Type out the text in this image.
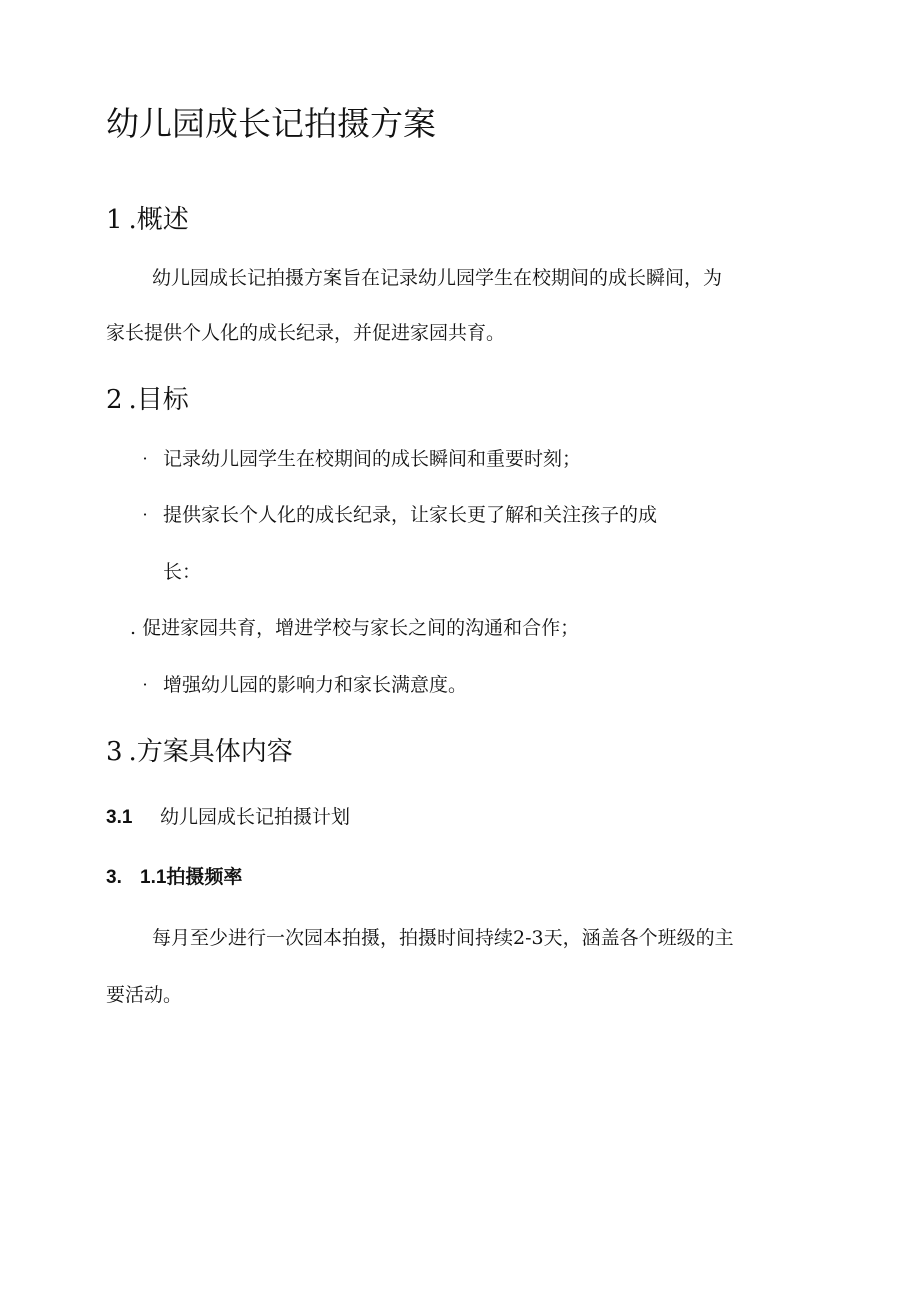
幼儿园成长记拍摄方案
1 .概述
幼儿园成长记拍摄方案旨在记录幼儿园学生在校期间的成长瞬间，为
家长提供个人化的成长纪录，并促进家园共育。
2 .目标
· 记录幼儿园学生在校期间的成长瞬间和重要时刻；
· 提供家长个人化的成长纪录，让家长更了解和关注孩子的成
长：
. 促进家园共育，增进学校与家长之间的沟通和合作；
· 增强幼儿园的影响力和家长满意度。
3 .方案具体内容
3.1 幼儿园成长记拍摄计划
3. 1.1拍摄频率
每月至少进行一次园本拍摄，拍摄时间持续2-3天，涵盖各个班级的主
要活动。
